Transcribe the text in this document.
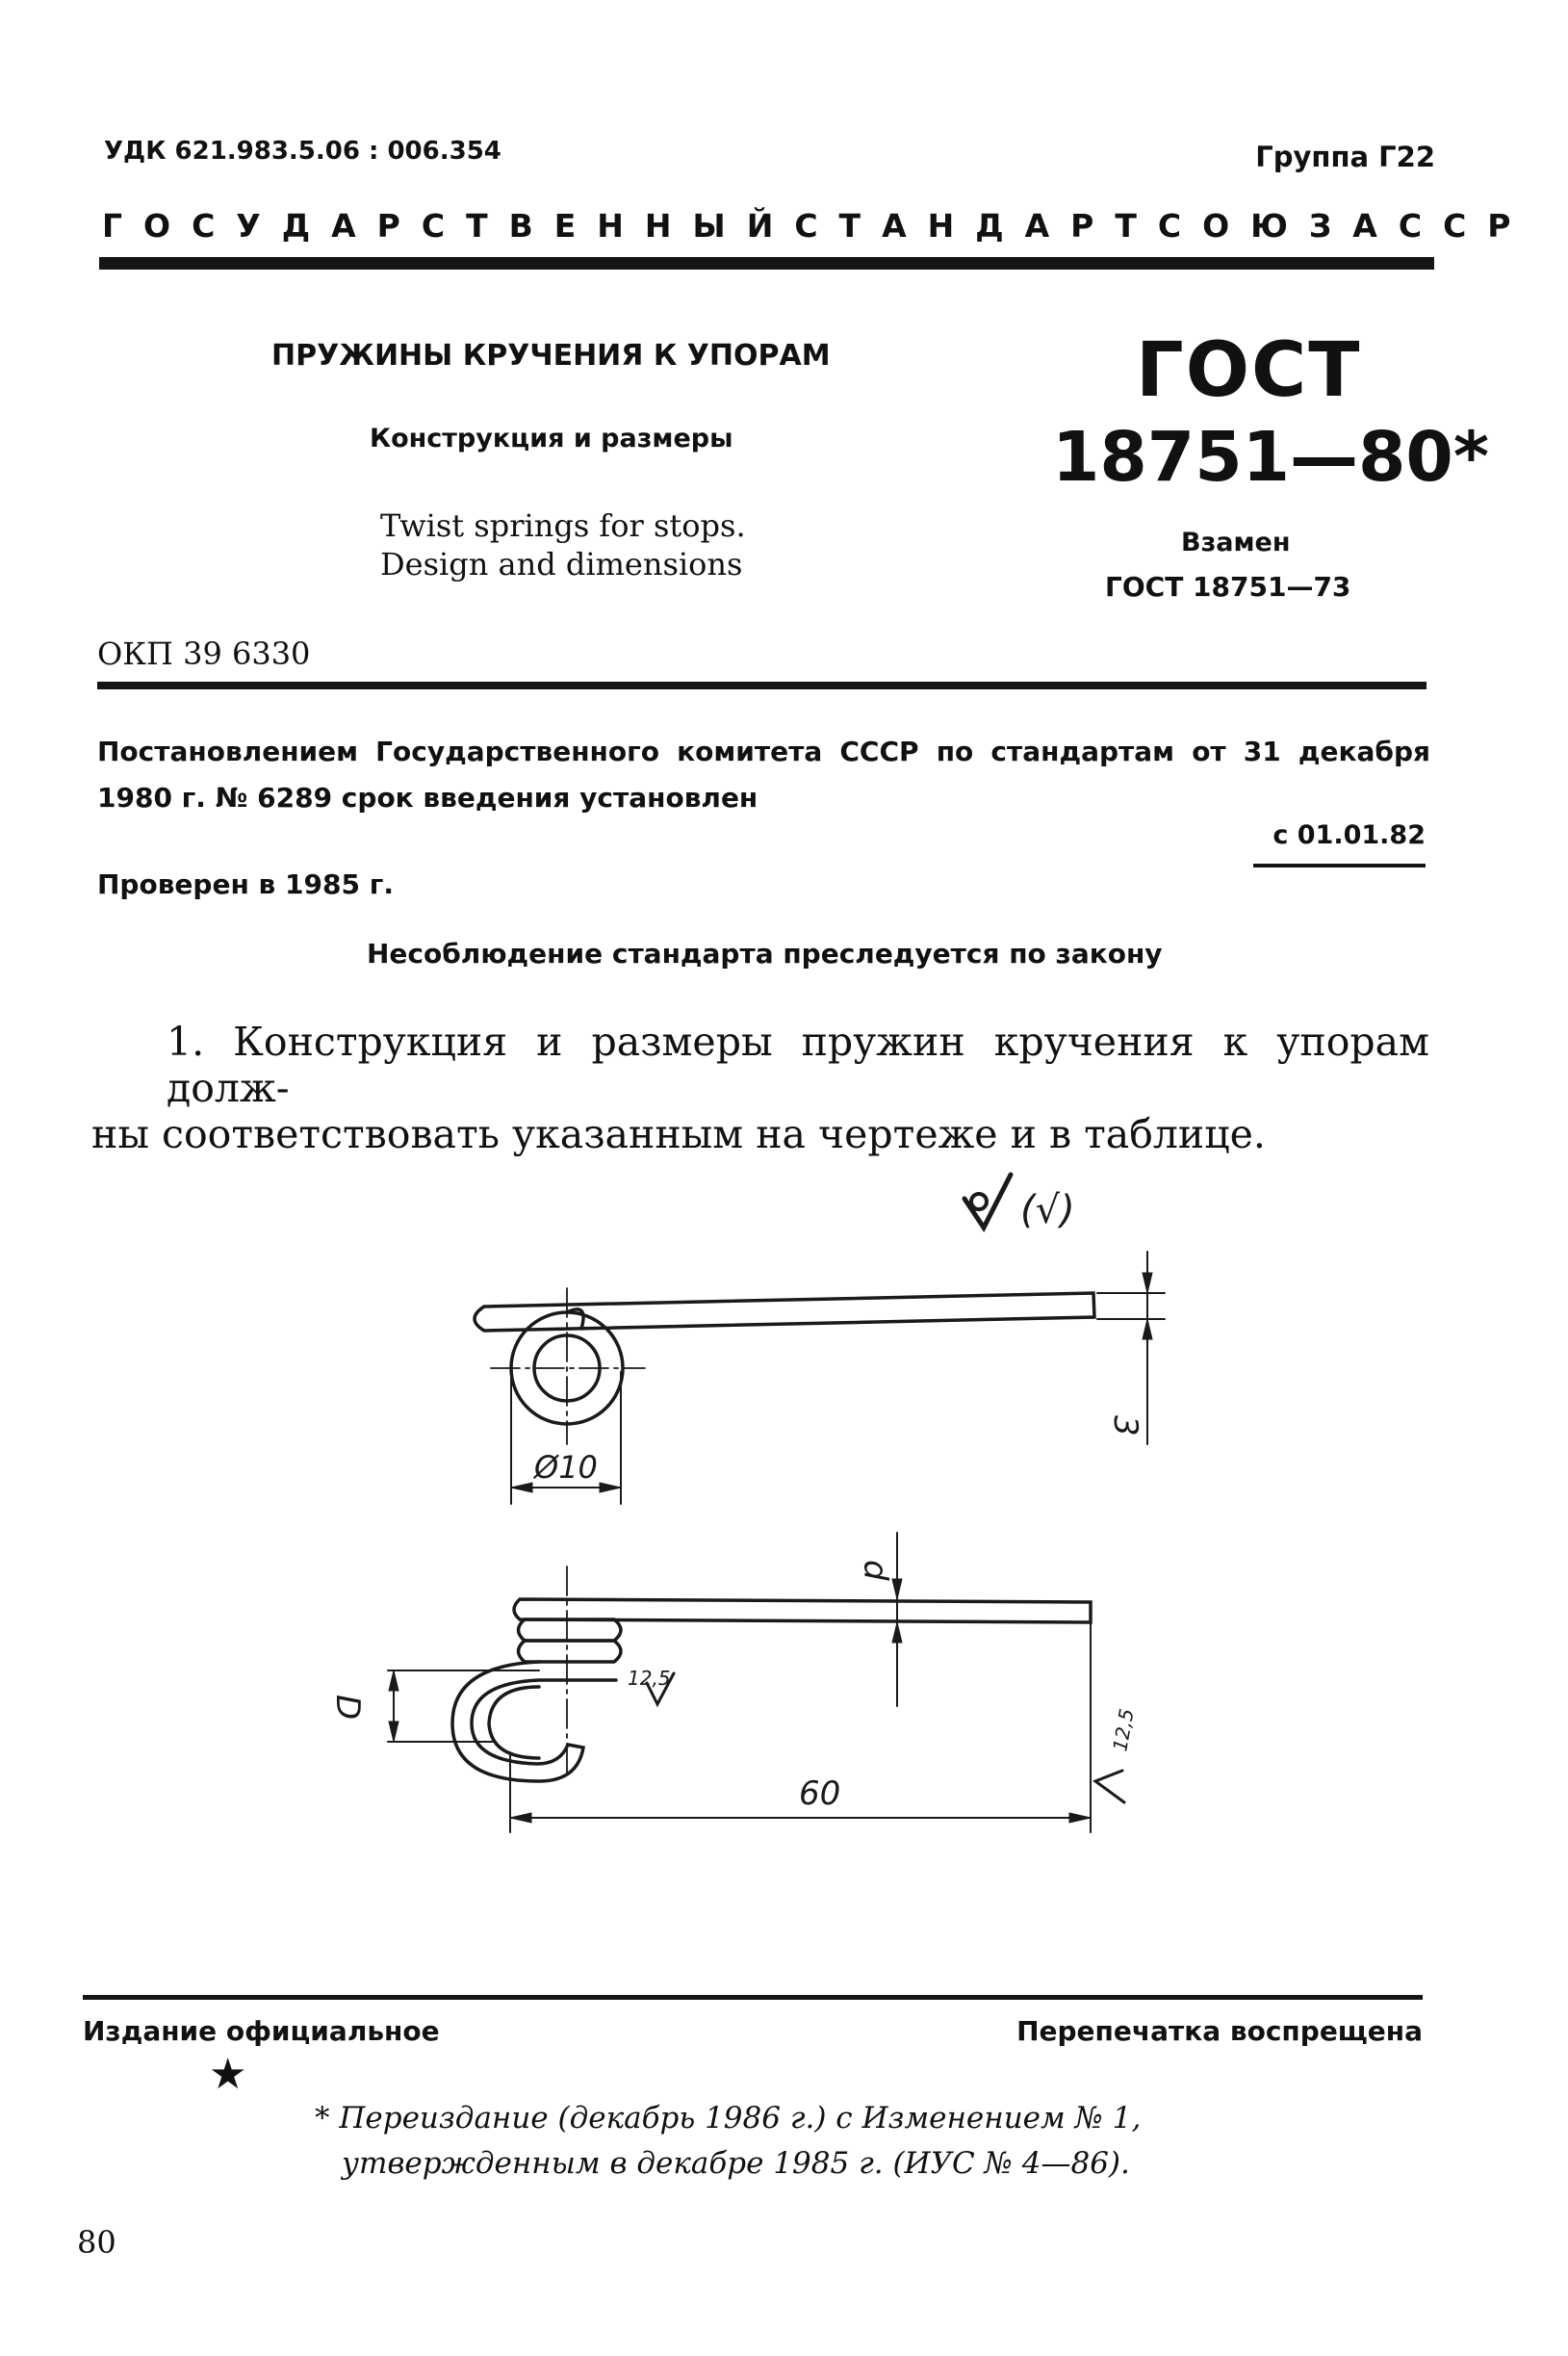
УДК 621.983.5.06 : 006.354	Группа Г22
ГОСУДАРСТВЕННЫЙ СТАНДАРТ СОЮЗА ССР
ПРУЖИНЫ КРУЧЕНИЯ К УПОРАМ
Конструкция и размеры
Twist springs for stops.
Design and dimensions
ГОСТ
18751—80*
Взамен
ГОСТ 18751—73
ОКП 39 6330
Постановлением Государственного комитета СССР по стандартам от 31 декабря 1980 г. № 6289 срок введения установлен
с 01.01.82
Проверен в 1985 г.
Несоблюдение стандарта преследуется по закону
1. Конструкция и размеры пружин кручения к упорам долж-
ны соответствовать указанным на чертеже и в таблице.
(√)
3
Ø10
d
D
12,5
60
12,5
Издание официальное	Перепечатка воспрещена
★
* Переиздание (декабрь 1986 г.) с Изменением № 1,
утвержденным в декабре 1985 г. (ИУС № 4—86).
80
